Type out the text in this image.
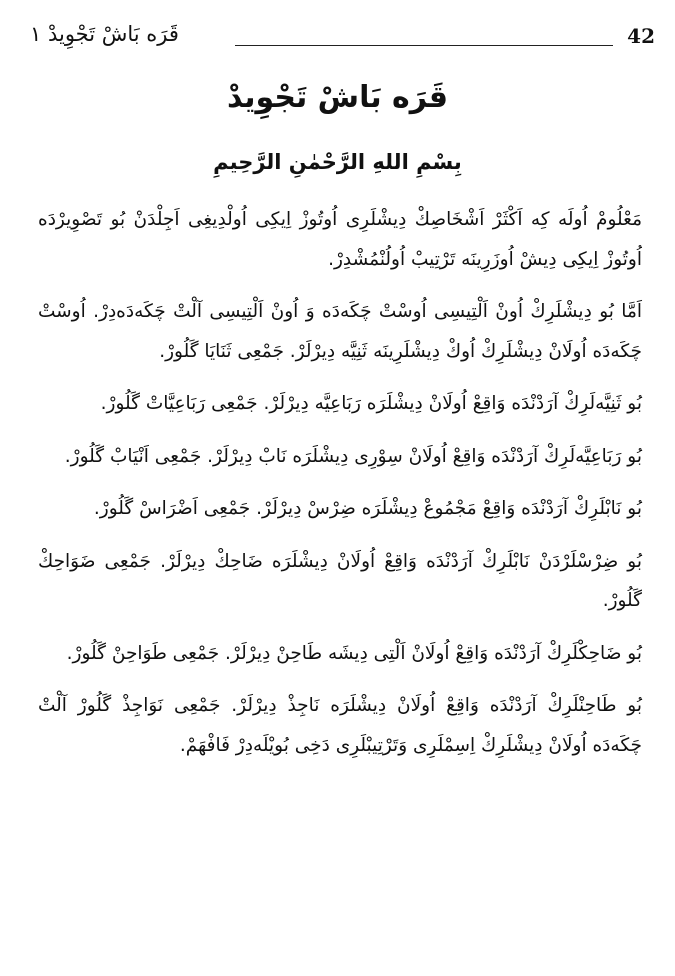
قَرَه بَاشْ تَجْوِيدْ ١	42
قَرَه بَاشْ تَجْوِيدْ
بِسْمِ اللهِ الرَّحْمٰنِ الرَّحِيمِ

مَعْلُومْ اُولَه كِه اَكْثَرْ اَشْخَاصِكْ دِيشْلَرِى اُوتُوزْ اِيكِى اُولْدِيغِى اَجِلْدَنْ بُو تَصْوِيرْدَه اُوتُوزْ اِيكِى دِيشْ اُوزَرِينَه تَرْتِيبْ اُولُنْمُشْدِرْ.

اَمَّا بُو دِيشْلَرِكْ اُونْ اَلْتِيسِى اُوسْتْ چَكَه‌دَه وَ اُونْ اَلْتِيسِى آلْتْ چَكَه‌دَه‌دِرْ. اُوسْتْ چَكَه‌دَه اُولَانْ دِيشْلَرِكْ اُوكْ دِيشْلَرِينَه ثَنِيَّه دِيرْلَرْ. جَمْعِى ثَنَايَا گَلُورْ.

بُو ثَنِيَّه‌لَرِكْ آرَدْنْدَه وَاقِعْ اُولَانْ دِيشْلَرَه رَبَاعِيَّه دِيرْلَرْ. جَمْعِى رَبَاعِيَّاتْ گَلُورْ.

بُو رَبَاعِيَّه‌لَرِكْ آرَدْنْدَه وَاقِعْ اُولَانْ سِوْرِى دِيشْلَرَه نَابْ دِيرْلَرْ. جَمْعِى اَنْيَابْ گَلُورْ.

بُو نَابْلَرِكْ آرَدْنْدَه وَاقِعْ مَجْمُوعْ دِيشْلَرَه ضِرْسْ دِيرْلَرْ. جَمْعِى اَضْرَاسْ گَلُورْ.

بُو ضِرْسْلَرْدَنْ نَابْلَرِكْ آرَدْنْدَه وَاقِعْ اُولَانْ دِيشْلَرَه ضَاحِكْ دِيرْلَرْ. جَمْعِى ضَوَاحِكْ گَلُورْ.

بُو ضَاحِكْلَرِكْ آرَدْنْدَه وَاقِعْ اُولَانْ اَلْتِى دِيشَه طَاحِنْ دِيرْلَرْ. جَمْعِى طَوَاحِنْ گَلُورْ.

بُو طَاحِنْلَرِكْ آرَدْنْدَه وَاقِعْ اُولَانْ دِيشْلَرَه نَاجِذْ دِيرْلَرْ. جَمْعِى نَوَاجِذْ گَلُورْ آلْتْ چَكَه‌دَه اُولَانْ دِيشْلَرِكْ اِسِمْلَرِى وَتَرْتِيبْلَرِى دَخِى بُويْلَه‌دِرْ فَافْهَمْ.
